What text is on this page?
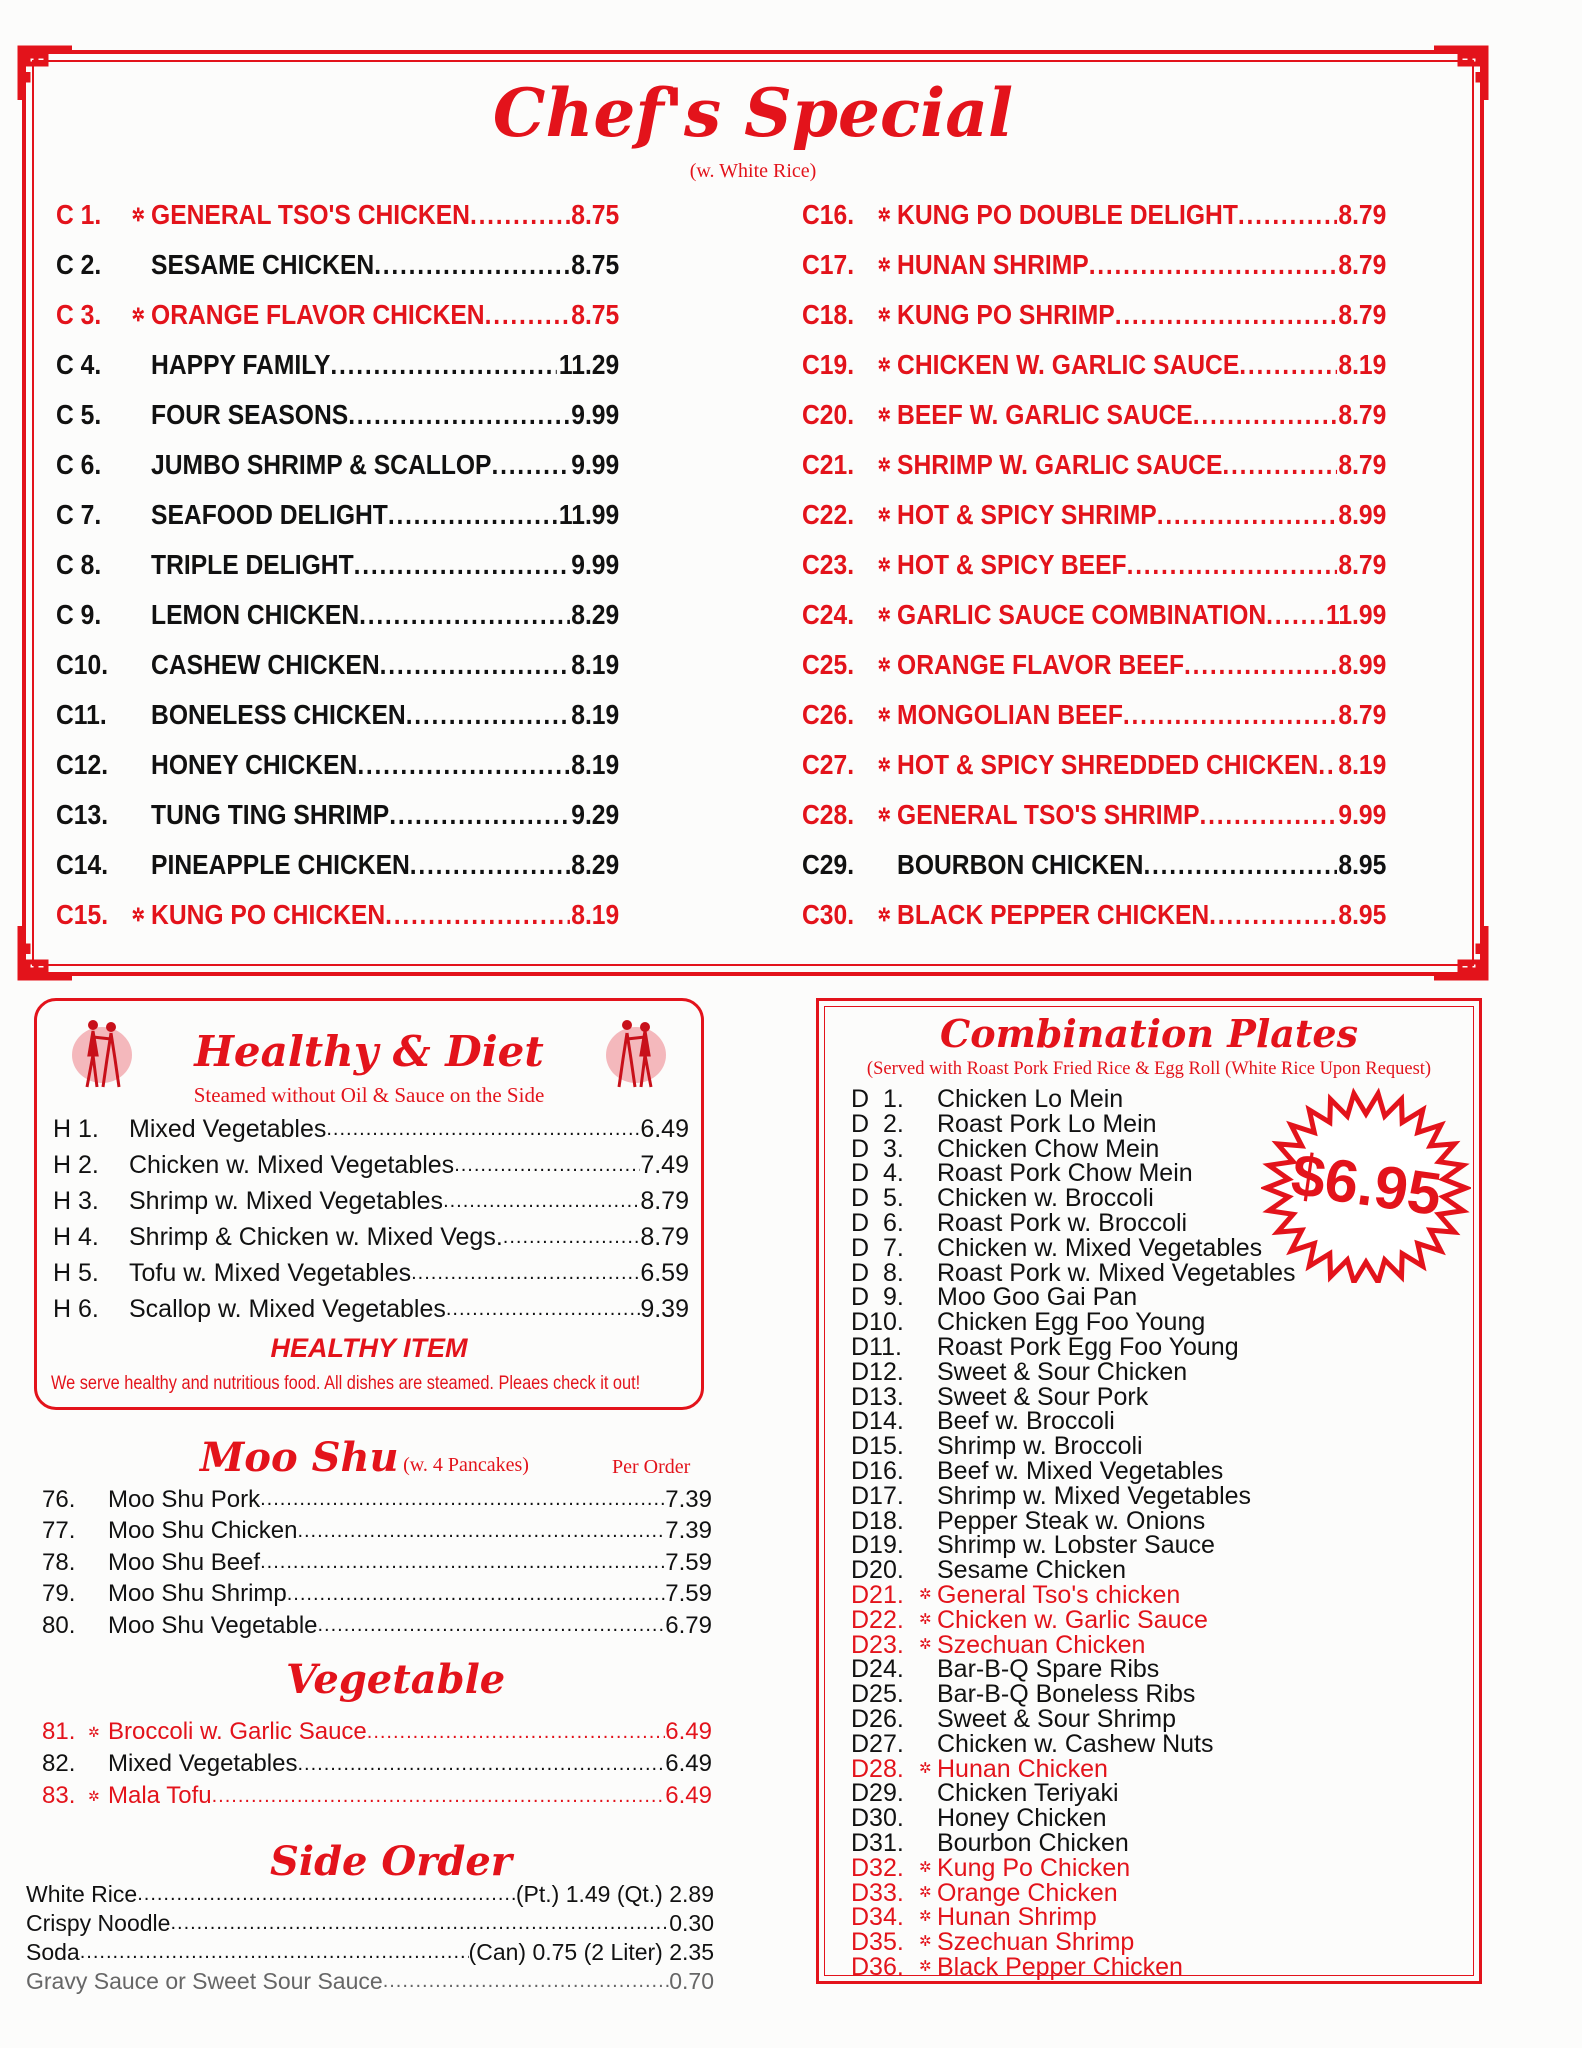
Chef's Special
(w. White Rice)
C 1.	✲ GENERAL TSO'S CHICKEN .....	8.75
C 2.	SESAME CHICKEN .....	8.75
C 3.	✲ ORANGE FLAVOR CHICKEN .....	8.75
C 4.	HAPPY FAMILY .....	11.29
C 5.	FOUR SEASONS .....	9.99
C 6.	JUMBO SHRIMP & SCALLOP .....	9.99
C 7.	SEAFOOD DELIGHT .....	11.99
C 8.	TRIPLE DELIGHT .....	9.99
C 9.	LEMON CHICKEN .....	8.29
C10.	CASHEW CHICKEN .....	8.19
C11.	BONELESS CHICKEN .....	8.19
C12.	HONEY CHICKEN .....	8.19
C13.	TUNG TING SHRIMP .....	9.29
C14.	PINEAPPLE CHICKEN .....	8.29
C15.	✲ KUNG PO CHICKEN .....	8.19
C16.	✲ KUNG PO DOUBLE DELIGHT .....	8.79
C17.	✲ HUNAN SHRIMP .....	8.79
C18.	✲ KUNG PO SHRIMP .....	8.79
C19.	✲ CHICKEN W. GARLIC SAUCE .....	8.19
C20.	✲ BEEF W. GARLIC SAUCE .....	8.79
C21.	✲ SHRIMP W. GARLIC SAUCE .....	8.79
C22.	✲ HOT & SPICY SHRIMP .....	8.99
C23.	✲ HOT & SPICY BEEF .....	8.79
C24.	✲ GARLIC SAUCE COMBINATION ..... 11.99
C25.	✲ ORANGE FLAVOR BEEF .....	8.99
C26.	✲ MONGOLIAN BEEF .....	8.79
C27.	✲ HOT & SPICY SHREDDED CHICKEN ..... 8.19
C28.	✲ GENERAL TSO'S SHRIMP .....	9.99
C29.	BOURBON CHICKEN .....	8.95
C30.	✲ BLACK PEPPER CHICKEN .....	8.95
Healthy & Diet
Steamed without Oil & Sauce on the Side
H 1.	Mixed Vegetables .....	6.49
H 2.	Chicken w. Mixed Vegetables .....	7.49
H 3.	Shrimp w. Mixed Vegetables .....	8.79
H 4.	Shrimp & Chicken w. Mixed Vegs. .....	8.79
H 5.	Tofu w. Mixed Vegetables .....	6.59
H 6.	Scallop w. Mixed Vegetables .....	9.39
HEALTHY ITEM
We serve healthy and nutritious food. All dishes are steamed. Pleaes check it out!
Moo Shu (w. 4 Pancakes)	Per Order
76.	Moo Shu Pork .....	7.39
77.	Moo Shu Chicken .....	7.39
78.	Moo Shu Beef .....	7.59
79.	Moo Shu Shrimp .....	7.59
80.	Moo Shu Vegetable .....	6.79
Vegetable
81. ✲ Broccoli w. Garlic Sauce .....	6.49
82.	Mixed Vegetables .....	6.49
83. ✲ Mala Tofu .....	6.49
Side Order
White Rice .....	(Pt.) 1.49 (Qt.) 2.89
Crispy Noodle .....	0.30
Soda .....	(Can) 0.75 (2 Liter) 2.35
Gravy Sauce or Sweet Sour Sauce .....	0.70
Combination Plates
(Served with Roast Pork Fried Rice & Egg Roll (White Rice Upon Request)
$6.95
D  1.	Chicken Lo Mein
D  2.	Roast Pork Lo Mein
D  3.	Chicken Chow Mein
D  4.	Roast Pork Chow Mein
D  5.	Chicken w. Broccoli
D  6.	Roast Pork w. Broccoli
D  7.	Chicken w. Mixed Vegetables
D  8.	Roast Pork w. Mixed Vegetables
D  9.	Moo Goo Gai Pan
D10.	Chicken Egg Foo Young
D11.	Roast Pork Egg Foo Young
D12.	Sweet & Sour Chicken
D13.	Sweet & Sour Pork
D14.	Beef w. Broccoli
D15.	Shrimp w. Broccoli
D16.	Beef w. Mixed Vegetables
D17.	Shrimp w. Mixed Vegetables
D18.	Pepper Steak w. Onions
D19.	Shrimp w. Lobster Sauce
D20.	Sesame Chicken
D21.	✲ General Tso's chicken
D22.	✲ Chicken w. Garlic Sauce
D23.	✲ Szechuan Chicken
D24.	Bar-B-Q Spare Ribs
D25.	Bar-B-Q Boneless Ribs
D26.	Sweet & Sour Shrimp
D27.	Chicken w. Cashew Nuts
D28.	✲ Hunan Chicken
D29.	Chicken Teriyaki
D30.	Honey Chicken
D31.	Bourbon Chicken
D32.	✲ Kung Po Chicken
D33.	✲ Orange Chicken
D34.	✲ Hunan Shrimp
D35.	✲ Szechuan Shrimp
D36.	✲ Black Pepper Chicken
